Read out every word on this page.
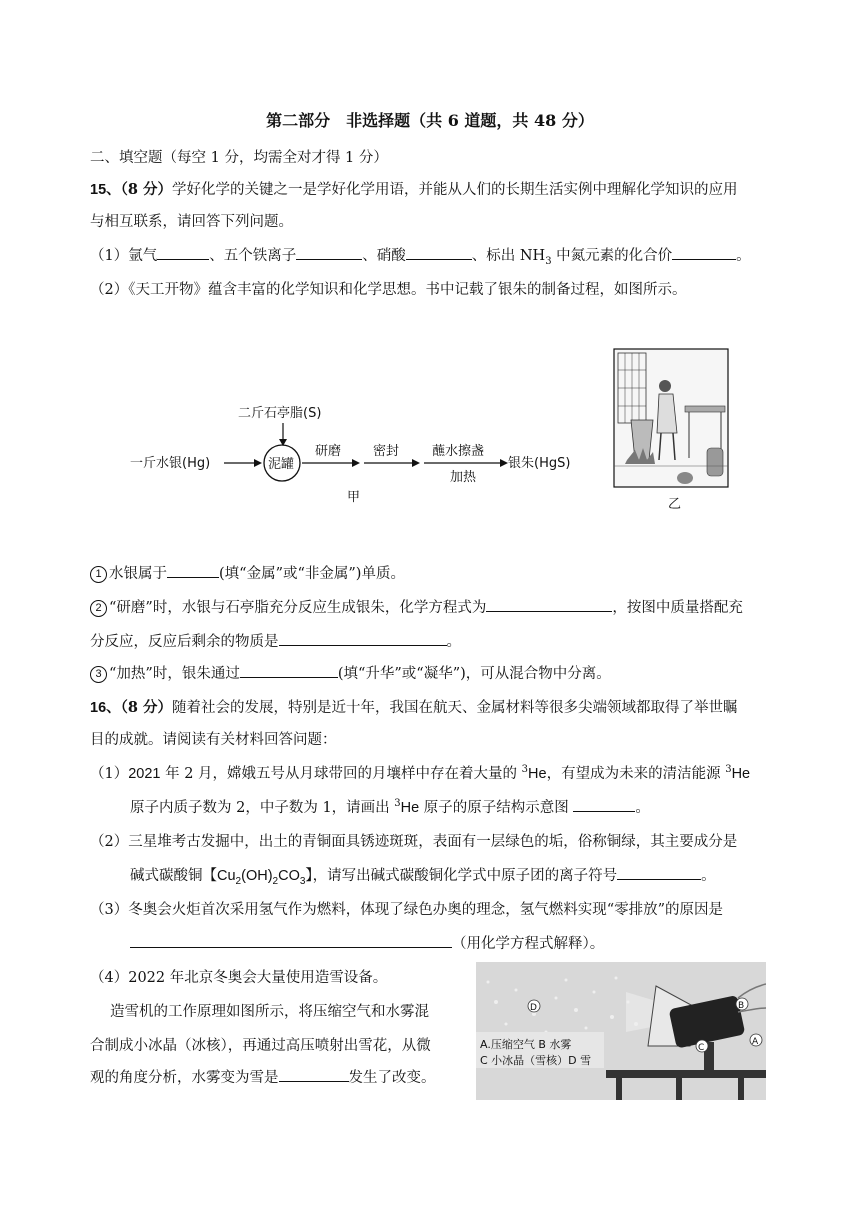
第二部分　非选择题（共 6 道题，共 48 分）
二、填空题（每空 1 分，均需全对才得 1 分）
15、（8 分）学好化学的关键之一是学好化学用语，并能从人们的长期生活实例中理解化学知识的应用
与相互联系，请回答下列问题。
（1）氩气	、五个铁离子	、硝酸	、标出 $NH_3$ 中氮元素的化合价	。
（2）《天工开物》蕴含丰富的化学知识和化学思想。书中记载了银朱的制备过程，如图所示。
二斤石亭脂(S)
一斤水银(Hg)	泥罐
研磨 密封	蘸水擦盏
加热
银朱(HgS)
甲	乙
1 水银属于	(填“金属”或“非金属”)单质。
2 “研磨”时，水银与石亭脂充分反应生成银朱，化学方程式为	，按图中质量搭配充
分反应，反应后剩余的物质是	。
3 “加热”时，银朱通过	(填“升华”或“凝华”)，可从混合物中分离。
16、（8 分）随着社会的发展，特别是近十年，我国在航天、金属材料等很多尖端领域都取得了举世瞩
目的成就。请阅读有关材料回答问题：
（1）2021 年 2 月，嫦娥五号从月球带回的月壤样中存在着大量的 $^3$He，有望成为未来的清洁能源 $^3$He
原子内质子数为 2，中子数为 1，请画出 $^3$He 原子的原子结构示意图	。
（2）三星堆考古发掘中，出土的青铜面具锈迹斑斑，表面有一层绿色的垢，俗称铜绿，其主要成分是
碱式碳酸铜【$Cu_2(OH)_2CO_3$】，请写出碱式碳酸铜化学式中原子团的离子符号	。
（3）冬奥会火炬首次采用氢气作为燃料，体现了绿色办奥的理念，氢气燃料实现“零排放”的原因是
（用化学方程式解释）。
（4）2022 年北京冬奥会大量使用造雪设备。
造雪机的工作原理如图所示，将压缩空气和水雾混
合制成小冰晶（冰核），再通过高压喷射出雪花，从微
观的角度分析，水雾变为雪是	发生了改变。
D	B
C
A
A.压缩空气 B 水雾
C 小冰晶（雪核）D 雪
